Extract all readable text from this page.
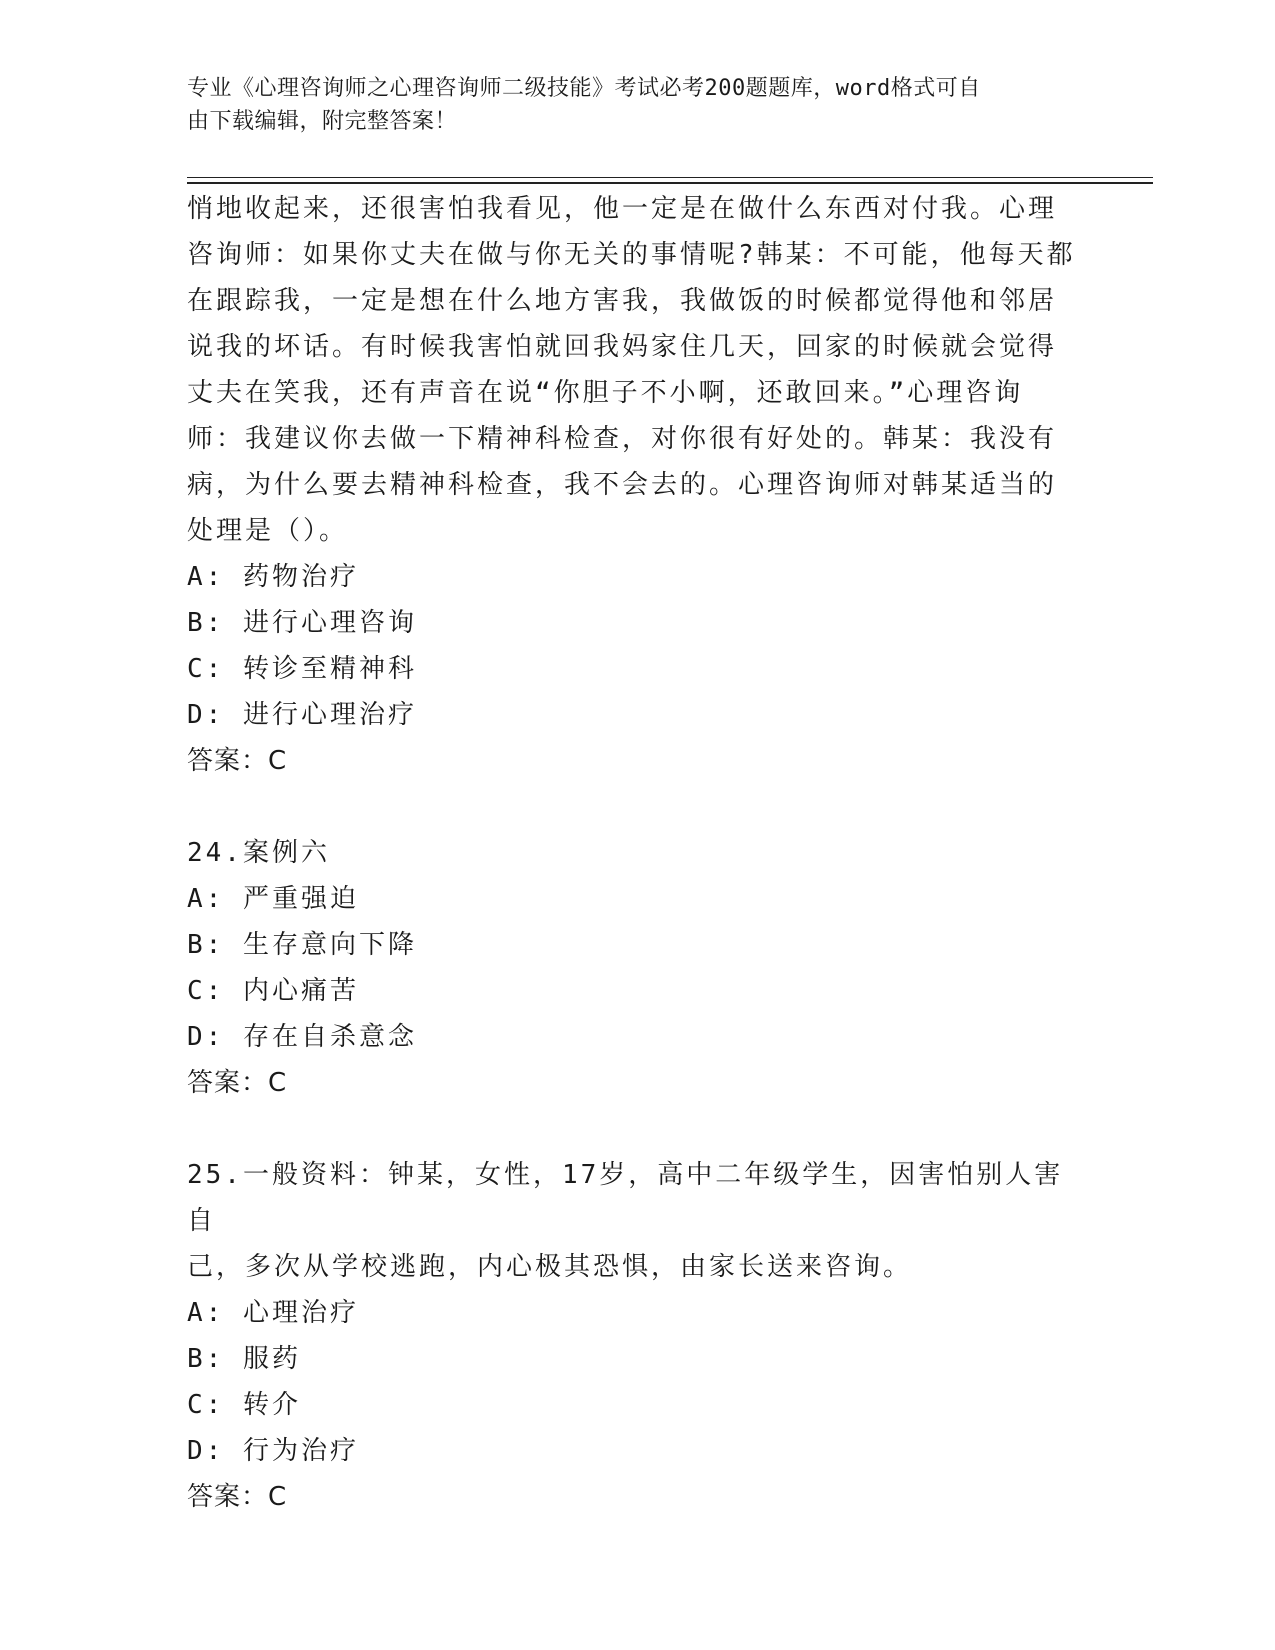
专业《心理咨询师之心理咨询师二级技能》考试必考200题题库，word格式可自
由下载编辑，附完整答案！

悄地收起来，还很害怕我看见，他一定是在做什么东西对付我。心理

咨询师：如果你丈夫在做与你无关的事情呢?韩某：不可能，他每天都

在跟踪我，一定是想在什么地方害我，我做饭的时候都觉得他和邻居

说我的坏话。有时候我害怕就回我妈家住几天，回家的时候就会觉得

丈夫在笑我，还有声音在说“你胆子不小啊，还敢回来。”心理咨询

师：我建议你去做一下精神科检查，对你很有好处的。韩某：我没有

病，为什么要去精神科检查，我不会去的。心理咨询师对韩某适当的

处理是（）。

A: 药物治疗

B: 进行心理咨询

C: 转诊至精神科

D: 进行心理治疗

答案：C

24.案例六

A: 严重强迫

B: 生存意向下降

C: 内心痛苦

D: 存在自杀意念

答案：C

25.一般资料：钟某，女性，17岁，高中二年级学生，因害怕别人害自

己，多次从学校逃跑，内心极其恐惧，由家长送来咨询。

A: 心理治疗

B: 服药

C: 转介

D: 行为治疗

答案：C
